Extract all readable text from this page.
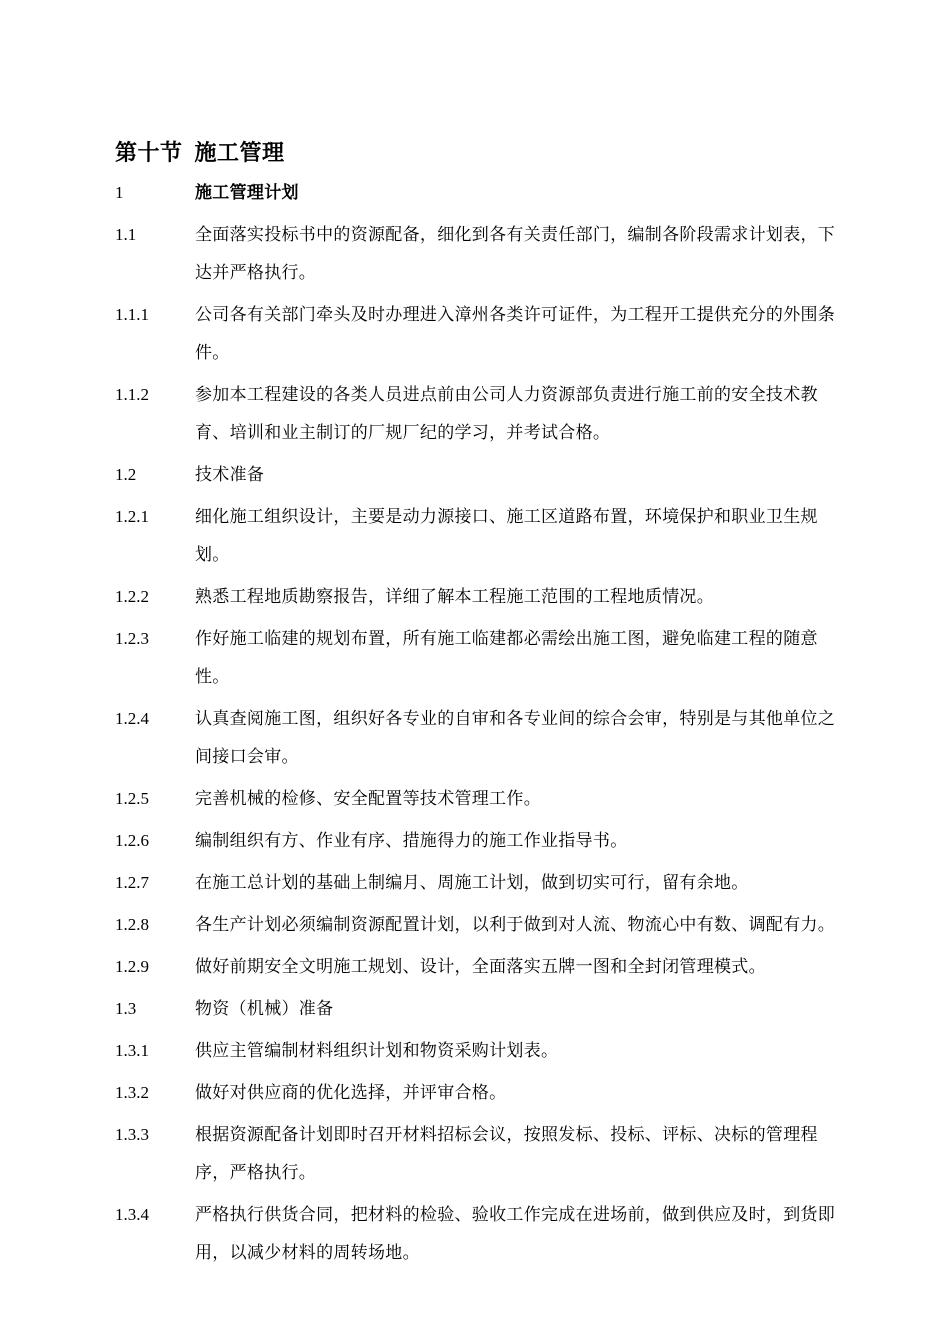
第十节 施工管理
1	施工管理计划
1.1	全面落实投标书中的资源配备，细化到各有关责任部门，编制各阶段需求计划表，下达并严格执行。
1.1.1	公司各有关部门牵头及时办理进入漳州各类许可证件，为工程开工提供充分的外围条件。
1.1.2	参加本工程建设的各类人员进点前由公司人力资源部负责进行施工前的安全技术教育、培训和业主制订的厂规厂纪的学习，并考试合格。
1.2	技术准备
1.2.1	细化施工组织设计，主要是动力源接口、施工区道路布置，环境保护和职业卫生规划。
1.2.2	熟悉工程地质勘察报告，详细了解本工程施工范围的工程地质情况。
1.2.3	作好施工临建的规划布置，所有施工临建都必需绘出施工图，避免临建工程的随意性。
1.2.4	认真查阅施工图，组织好各专业的自审和各专业间的综合会审，特别是与其他单位之间接口会审。
1.2.5	完善机械的检修、安全配置等技术管理工作。
1.2.6	编制组织有方、作业有序、措施得力的施工作业指导书。
1.2.7	在施工总计划的基础上制编月、周施工计划，做到切实可行，留有余地。
1.2.8	各生产计划必须编制资源配置计划，以利于做到对人流、物流心中有数、调配有力。
1.2.9	做好前期安全文明施工规划、设计，全面落实五牌一图和全封闭管理模式。
1.3	物资（机械）准备
1.3.1	供应主管编制材料组织计划和物资采购计划表。
1.3.2	做好对供应商的优化选择，并评审合格。
1.3.3	根据资源配备计划即时召开材料招标会议，按照发标、投标、评标、决标的管理程序，严格执行。
1.3.4	严格执行供货合同，把材料的检验、验收工作完成在进场前，做到供应及时，到货即用，以减少材料的周转场地。
